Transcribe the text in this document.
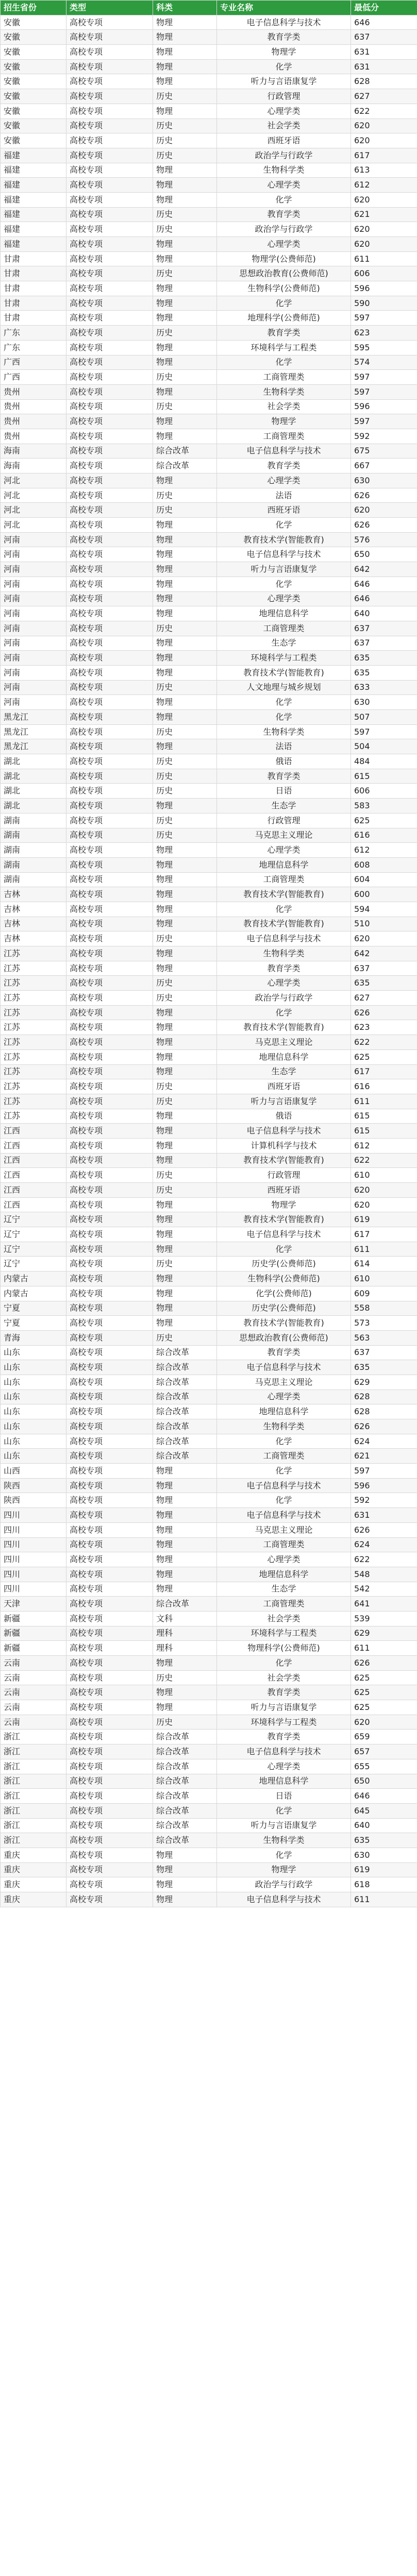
招生省份	类型	科类	专业名称	最低分
安徽	高校专项	物理	电子信息科学与技术	646
安徽	高校专项	物理	教育学类	637
安徽	高校专项	物理	物理学	631
安徽	高校专项	物理	化学	631
安徽	高校专项	物理	听力与言语康复学	628
安徽	高校专项	历史	行政管理	627
安徽	高校专项	物理	心理学类	622
安徽	高校专项	历史	社会学类	620
安徽	高校专项	历史	西班牙语	620
福建	高校专项	历史	政治学与行政学	617
福建	高校专项	物理	生物科学类	613
福建	高校专项	物理	心理学类	612
福建	高校专项	物理	化学	620
福建	高校专项	历史	教育学类	621
福建	高校专项	历史	政治学与行政学	620
福建	高校专项	物理	心理学类	620
甘肃	高校专项	物理	物理学(公费师范)	611
甘肃	高校专项	历史	思想政治教育(公费师范)	606
甘肃	高校专项	物理	生物科学(公费师范)	596
甘肃	高校专项	物理	化学	590
甘肃	高校专项	物理	地理科学(公费师范)	597
广东	高校专项	历史	教育学类	623
广东	高校专项	物理	环境科学与工程类	595
广西	高校专项	物理	化学	574
广西	高校专项	历史	工商管理类	597
贵州	高校专项	物理	生物科学类	597
贵州	高校专项	历史	社会学类	596
贵州	高校专项	物理	物理学	597
贵州	高校专项	物理	工商管理类	592
海南	高校专项	综合改革	电子信息科学与技术	675
海南	高校专项	综合改革	教育学类	667
河北	高校专项	物理	心理学类	630
河北	高校专项	历史	法语	626
河北	高校专项	历史	西班牙语	620
河北	高校专项	物理	化学	626
河南	高校专项	物理	教育技术学(智能教育)	576
河南	高校专项	物理	电子信息科学与技术	650
河南	高校专项	物理	听力与言语康复学	642
河南	高校专项	物理	化学	646
河南	高校专项	物理	心理学类	646
河南	高校专项	物理	地理信息科学	640
河南	高校专项	历史	工商管理类	637
河南	高校专项	物理	生态学	637
河南	高校专项	物理	环境科学与工程类	635
河南	高校专项	物理	教育技术学(智能教育)	635
河南	高校专项	历史	人文地理与城乡规划	633
河南	高校专项	物理	化学	630
黑龙江	高校专项	物理	化学	507
黑龙江	高校专项	历史	生物科学类	597
黑龙江	高校专项	物理	法语	504
湖北	高校专项	历史	俄语	484
湖北	高校专项	历史	教育学类	615
湖北	高校专项	历史	日语	606
湖北	高校专项	物理	生态学	583
湖南	高校专项	历史	行政管理	625
湖南	高校专项	历史	马克思主义理论	616
湖南	高校专项	物理	心理学类	612
湖南	高校专项	物理	地理信息科学	608
湖南	高校专项	物理	工商管理类	604
吉林	高校专项	物理	教育技术学(智能教育)	600
吉林	高校专项	物理	化学	594
吉林	高校专项	物理	教育技术学(智能教育)	510
吉林	高校专项	历史	电子信息科学与技术	620
江苏	高校专项	物理	生物科学类	642
江苏	高校专项	物理	教育学类	637
江苏	高校专项	历史	心理学类	635
江苏	高校专项	历史	政治学与行政学	627
江苏	高校专项	物理	化学	626
江苏	高校专项	物理	教育技术学(智能教育)	623
江苏	高校专项	物理	马克思主义理论	622
江苏	高校专项	物理	地理信息科学	625
江苏	高校专项	物理	生态学	617
江苏	高校专项	历史	西班牙语	616
江苏	高校专项	历史	听力与言语康复学	611
江苏	高校专项	物理	俄语	615
江西	高校专项	物理	电子信息科学与技术	615
江西	高校专项	物理	计算机科学与技术	612
江西	高校专项	物理	教育技术学(智能教育)	622
江西	高校专项	历史	行政管理	610
江西	高校专项	历史	西班牙语	620
江西	高校专项	物理	物理学	620
辽宁	高校专项	物理	教育技术学(智能教育)	619
辽宁	高校专项	物理	电子信息科学与技术	617
辽宁	高校专项	物理	化学	611
辽宁	高校专项	历史	历史学(公费师范)	614
内蒙古	高校专项	物理	生物科学(公费师范)	610
内蒙古	高校专项	物理	化学(公费师范)	609
宁夏	高校专项	物理	历史学(公费师范)	558
宁夏	高校专项	物理	教育技术学(智能教育)	573
青海	高校专项	历史	思想政治教育(公费师范)	563
山东	高校专项	综合改革	教育学类	637
山东	高校专项	综合改革	电子信息科学与技术	635
山东	高校专项	综合改革	马克思主义理论	629
山东	高校专项	综合改革	心理学类	628
山东	高校专项	综合改革	地理信息科学	628
山东	高校专项	综合改革	生物科学类	626
山东	高校专项	综合改革	化学	624
山东	高校专项	综合改革	工商管理类	621
山西	高校专项	物理	化学	597
陕西	高校专项	物理	电子信息科学与技术	596
陕西	高校专项	物理	化学	592
四川	高校专项	物理	电子信息科学与技术	631
四川	高校专项	物理	马克思主义理论	626
四川	高校专项	物理	工商管理类	624
四川	高校专项	物理	心理学类	622
四川	高校专项	物理	地理信息科学	548
四川	高校专项	物理	生态学	542
天津	高校专项	综合改革	工商管理类	641
新疆	高校专项	文科	社会学类	539
新疆	高校专项	理科	环境科学与工程类	629
新疆	高校专项	理科	物理科学(公费师范)	611
云南	高校专项	物理	化学	626
云南	高校专项	历史	社会学类	625
云南	高校专项	物理	教育学类	625
云南	高校专项	物理	听力与言语康复学	625
云南	高校专项	历史	环境科学与工程类	620
浙江	高校专项	综合改革	教育学类	659
浙江	高校专项	综合改革	电子信息科学与技术	657
浙江	高校专项	综合改革	心理学类	655
浙江	高校专项	综合改革	地理信息科学	650
浙江	高校专项	综合改革	日语	646
浙江	高校专项	综合改革	化学	645
浙江	高校专项	综合改革	听力与言语康复学	640
浙江	高校专项	综合改革	生物科学类	635
重庆	高校专项	物理	化学	630
重庆	高校专项	物理	物理学	619
重庆	高校专项	物理	政治学与行政学	618
重庆	高校专项	物理	电子信息科学与技术	611
